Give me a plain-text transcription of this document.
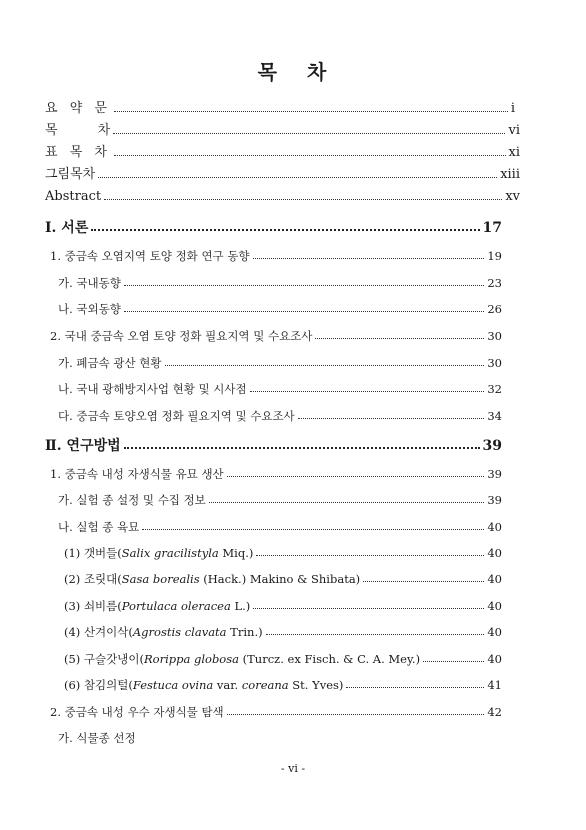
목 차
요 약 문	i
목	차	vi
표 목 차	xi
그림목차	xiii
Abstract	xv
Ⅰ. 서론	17
1. 중금속 오염지역 토양 정화 연구 동향	19
가. 국내동향	23
나. 국외동향	26
2. 국내 중금속 오염 토양 정화 필요지역 및 수요조사	30
가. 폐금속 광산 현황	30
나. 국내 광해방지사업 현황 및 시사점	32
다. 중금속 토양오염 정화 필요지역 및 수요조사	34
Ⅱ. 연구방법	39
1. 중금속 내성 자생식물 유묘 생산	39
가. 실험 종 설정 및 수집 정보	39
나. 실험 종 육묘	40
(1) 갯버들(Salix gracilistyla Miq.)	40
(2) 조릿대(Sasa borealis (Hack.) Makino & Shibata)	40
(3) 쇠비름(Portulaca oleracea L.)	40
(4) 산겨이삭(Agrostis clavata Trin.)	40
(5) 구슬갓냉이(Rorippa globosa (Turcz. ex Fisch. & C. A. Mey.)	40
(6) 참김의털(Festuca ovina var. coreana St. Yves)	41
2. 중금속 내성 우수 자생식물 탐색	42
가. 식물종 선정
- vi -
